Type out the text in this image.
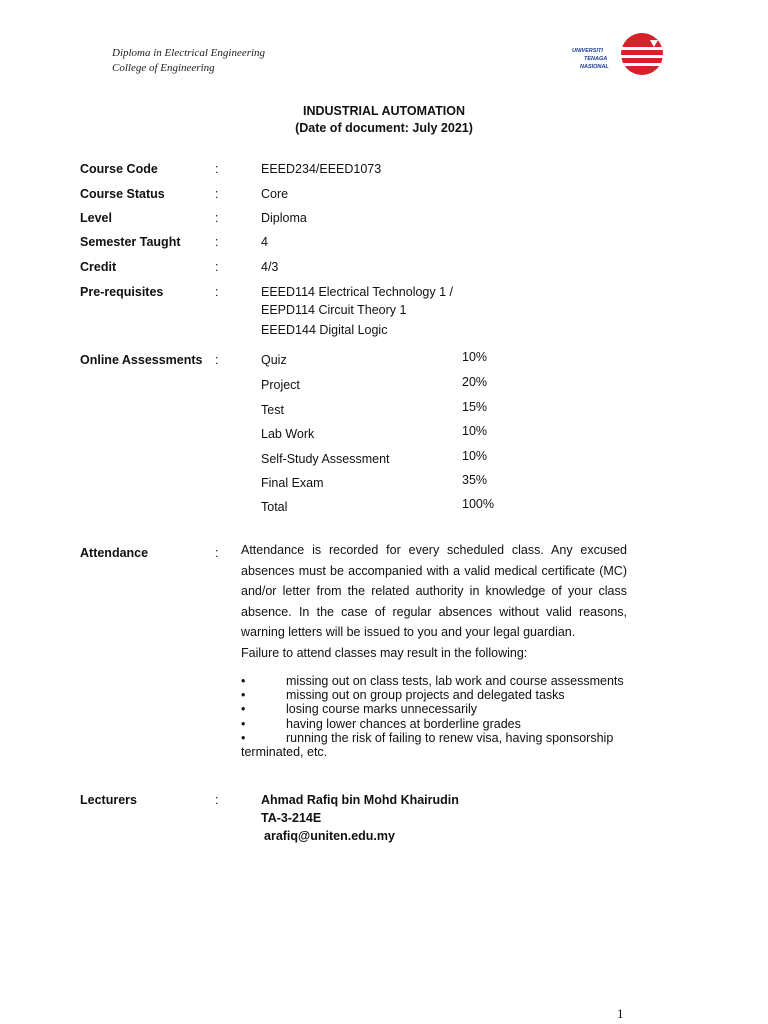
Diploma in Electrical Engineering
College of Engineering
UNIVERSITI
TENAGA
NASIONAL
INDUSTRIAL AUTOMATION
(Date of document: July 2021)
Course Code	:	EEED234/EEED1073
Course Status	:	Core
Level	:	Diploma
Semester Taught	:	4
Credit	:	4/3
Pre-requisites	:	EEED114 Electrical Technology 1 /
EEPD114 Circuit Theory 1
EEED144 Digital Logic
Online Assessments :	Quiz	10%
Project	20%
Test	15%
Lab Work	10%
Self-Study Assessment	10%
Final Exam	35%
Total	100%
Attendance	: Attendance is recorded for every scheduled class. Any excused absences must be accompanied with a valid medical certificate (MC) and/or letter from the related authority in knowledge of your class absence. In the case of regular absences without valid reasons, warning letters will be issued to you and your legal guardian.
Failure to attend classes may result in the following:
•	missing out on class tests, lab work and course assessments
•	missing out on group projects and delegated tasks
•	losing course marks unnecessarily
•	having lower chances at borderline grades
•	running the risk of failing to renew visa, having sponsorship
terminated, etc.
Lecturers	:	Ahmad Rafiq bin Mohd Khairudin
TA-3-214E
arafiq@uniten.edu.my
1
